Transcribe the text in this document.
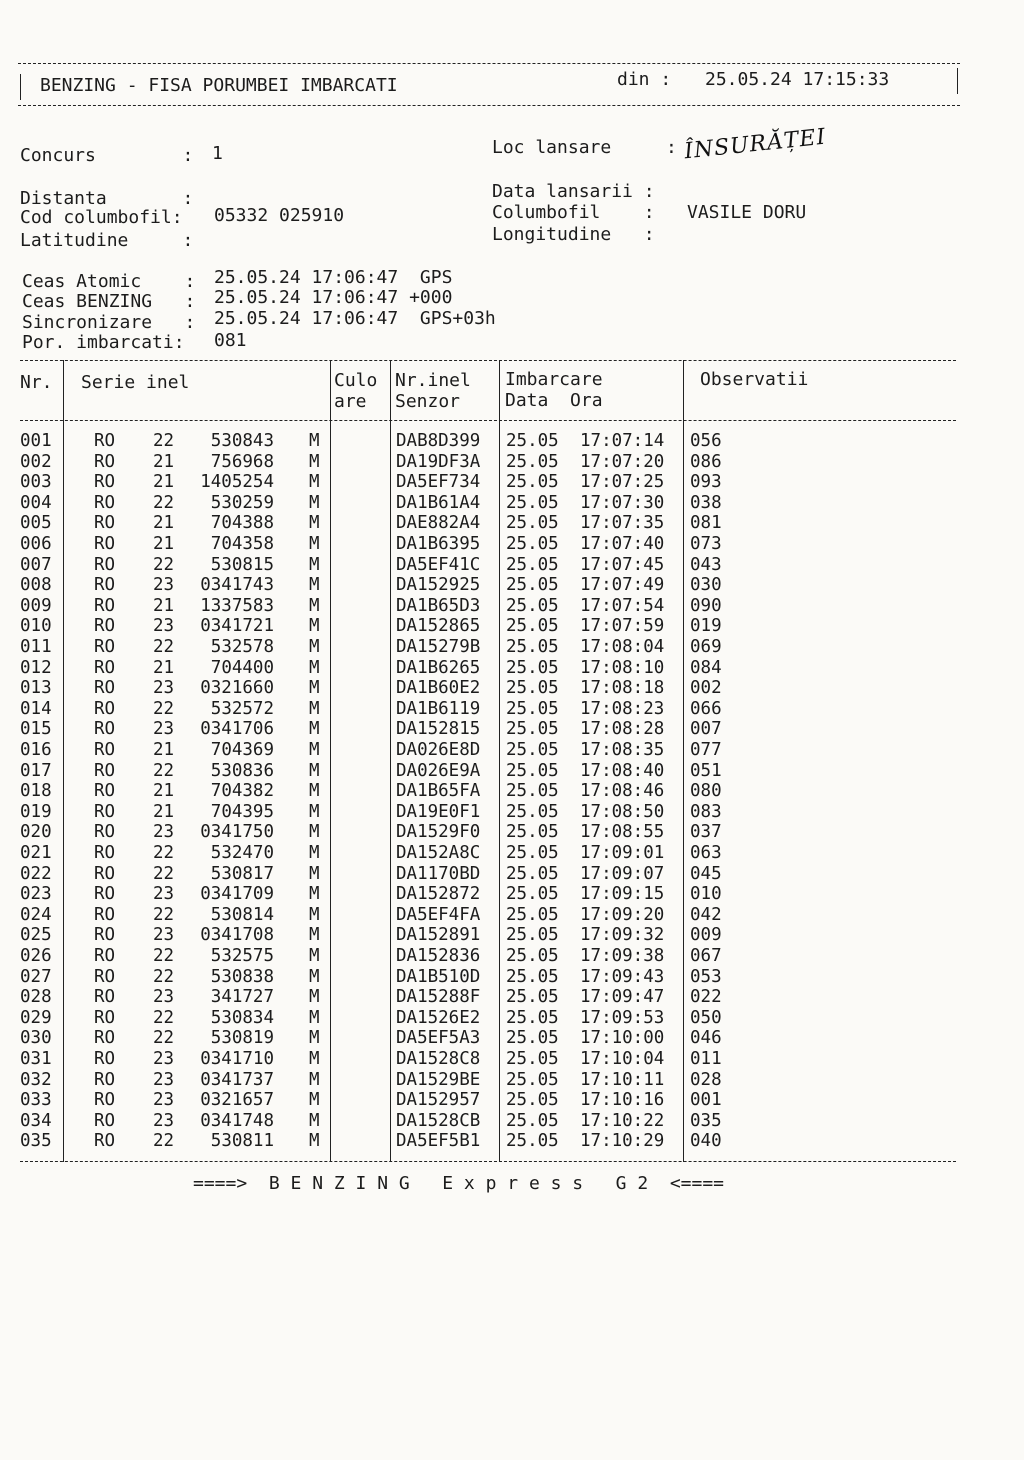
BENZING - FISA PORUMBEI IMBARCATI	din : 25.05.24 17:15:33
Concurs        : 1	Loc lansare	: ÎNSURĂȚEI
Distanta       :	Data lansarii :
Cod columbofil: 05332 025910	Columbofil    : VASILE DORU
Latitudine     :	Longitudine   :
Ceas Atomic    : 25.05.24 17:06:47  GPS
Ceas BENZING   : 25.05.24 17:06:47 +000
Sincronizare   : 25.05.24 17:06:47  GPS+03h
Por. imbarcati: 081
Nr. Serie inel	Culo
are
Nr.inel
Senzor
Imbarcare
Data  Ora
Observatii
001 RO 22	530843 M	DAB8D399 25.05 17:07:14 056
002 RO 21	756968 M	DA19DF3A 25.05 17:07:20 086
003 RO 21	1405254 M	DA5EF734 25.05 17:07:25 093
004 RO 22	530259 M	DA1B61A4 25.05 17:07:30 038
005 RO 21	704388 M	DAE882A4 25.05 17:07:35 081
006 RO 21	704358 M	DA1B6395 25.05 17:07:40 073
007 RO 22	530815 M	DA5EF41C 25.05 17:07:45 043
008 RO 23	0341743 M	DA152925 25.05 17:07:49 030
009 RO 21	1337583 M	DA1B65D3 25.05 17:07:54 090
010 RO 23	0341721 M	DA152865 25.05 17:07:59 019
011 RO 22	532578 M	DA15279B 25.05 17:08:04 069
012 RO 21	704400 M	DA1B6265 25.05 17:08:10 084
013 RO 23	0321660 M	DA1B60E2 25.05 17:08:18 002
014 RO 22	532572 M	DA1B6119 25.05 17:08:23 066
015 RO 23	0341706 M	DA152815 25.05 17:08:28 007
016 RO 21	704369 M	DA026E8D 25.05 17:08:35 077
017 RO 22	530836 M	DA026E9A 25.05 17:08:40 051
018 RO 21	704382 M	DA1B65FA 25.05 17:08:46 080
019 RO 21	704395 M	DA19E0F1 25.05 17:08:50 083
020 RO 23	0341750 M	DA1529F0 25.05 17:08:55 037
021 RO 22	532470 M	DA152A8C 25.05 17:09:01 063
022 RO 22	530817 M	DA1170BD 25.05 17:09:07 045
023 RO 23	0341709 M	DA152872 25.05 17:09:15 010
024 RO 22	530814 M	DA5EF4FA 25.05 17:09:20 042
025 RO 23	0341708 M	DA152891 25.05 17:09:32 009
026 RO 22	532575 M	DA152836 25.05 17:09:38 067
027 RO 22	530838 M	DA1B510D 25.05 17:09:43 053
028 RO 23	341727 M	DA15288F 25.05 17:09:47 022
029 RO 22	530834 M	DA1526E2 25.05 17:09:53 050
030 RO 22	530819 M	DA5EF5A3 25.05 17:10:00 046
031 RO 23	0341710 M	DA1528C8 25.05 17:10:04 011
032 RO 23	0341737 M	DA1529BE 25.05 17:10:11 028
033 RO 23	0321657 M	DA152957 25.05 17:10:16 001
034 RO 23	0341748 M	DA1528CB 25.05 17:10:22 035
035 RO 22	530811 M	DA5EF5B1 25.05 17:10:29 040
====>  B E N Z I N G   E x p r e s s   G 2  <====
